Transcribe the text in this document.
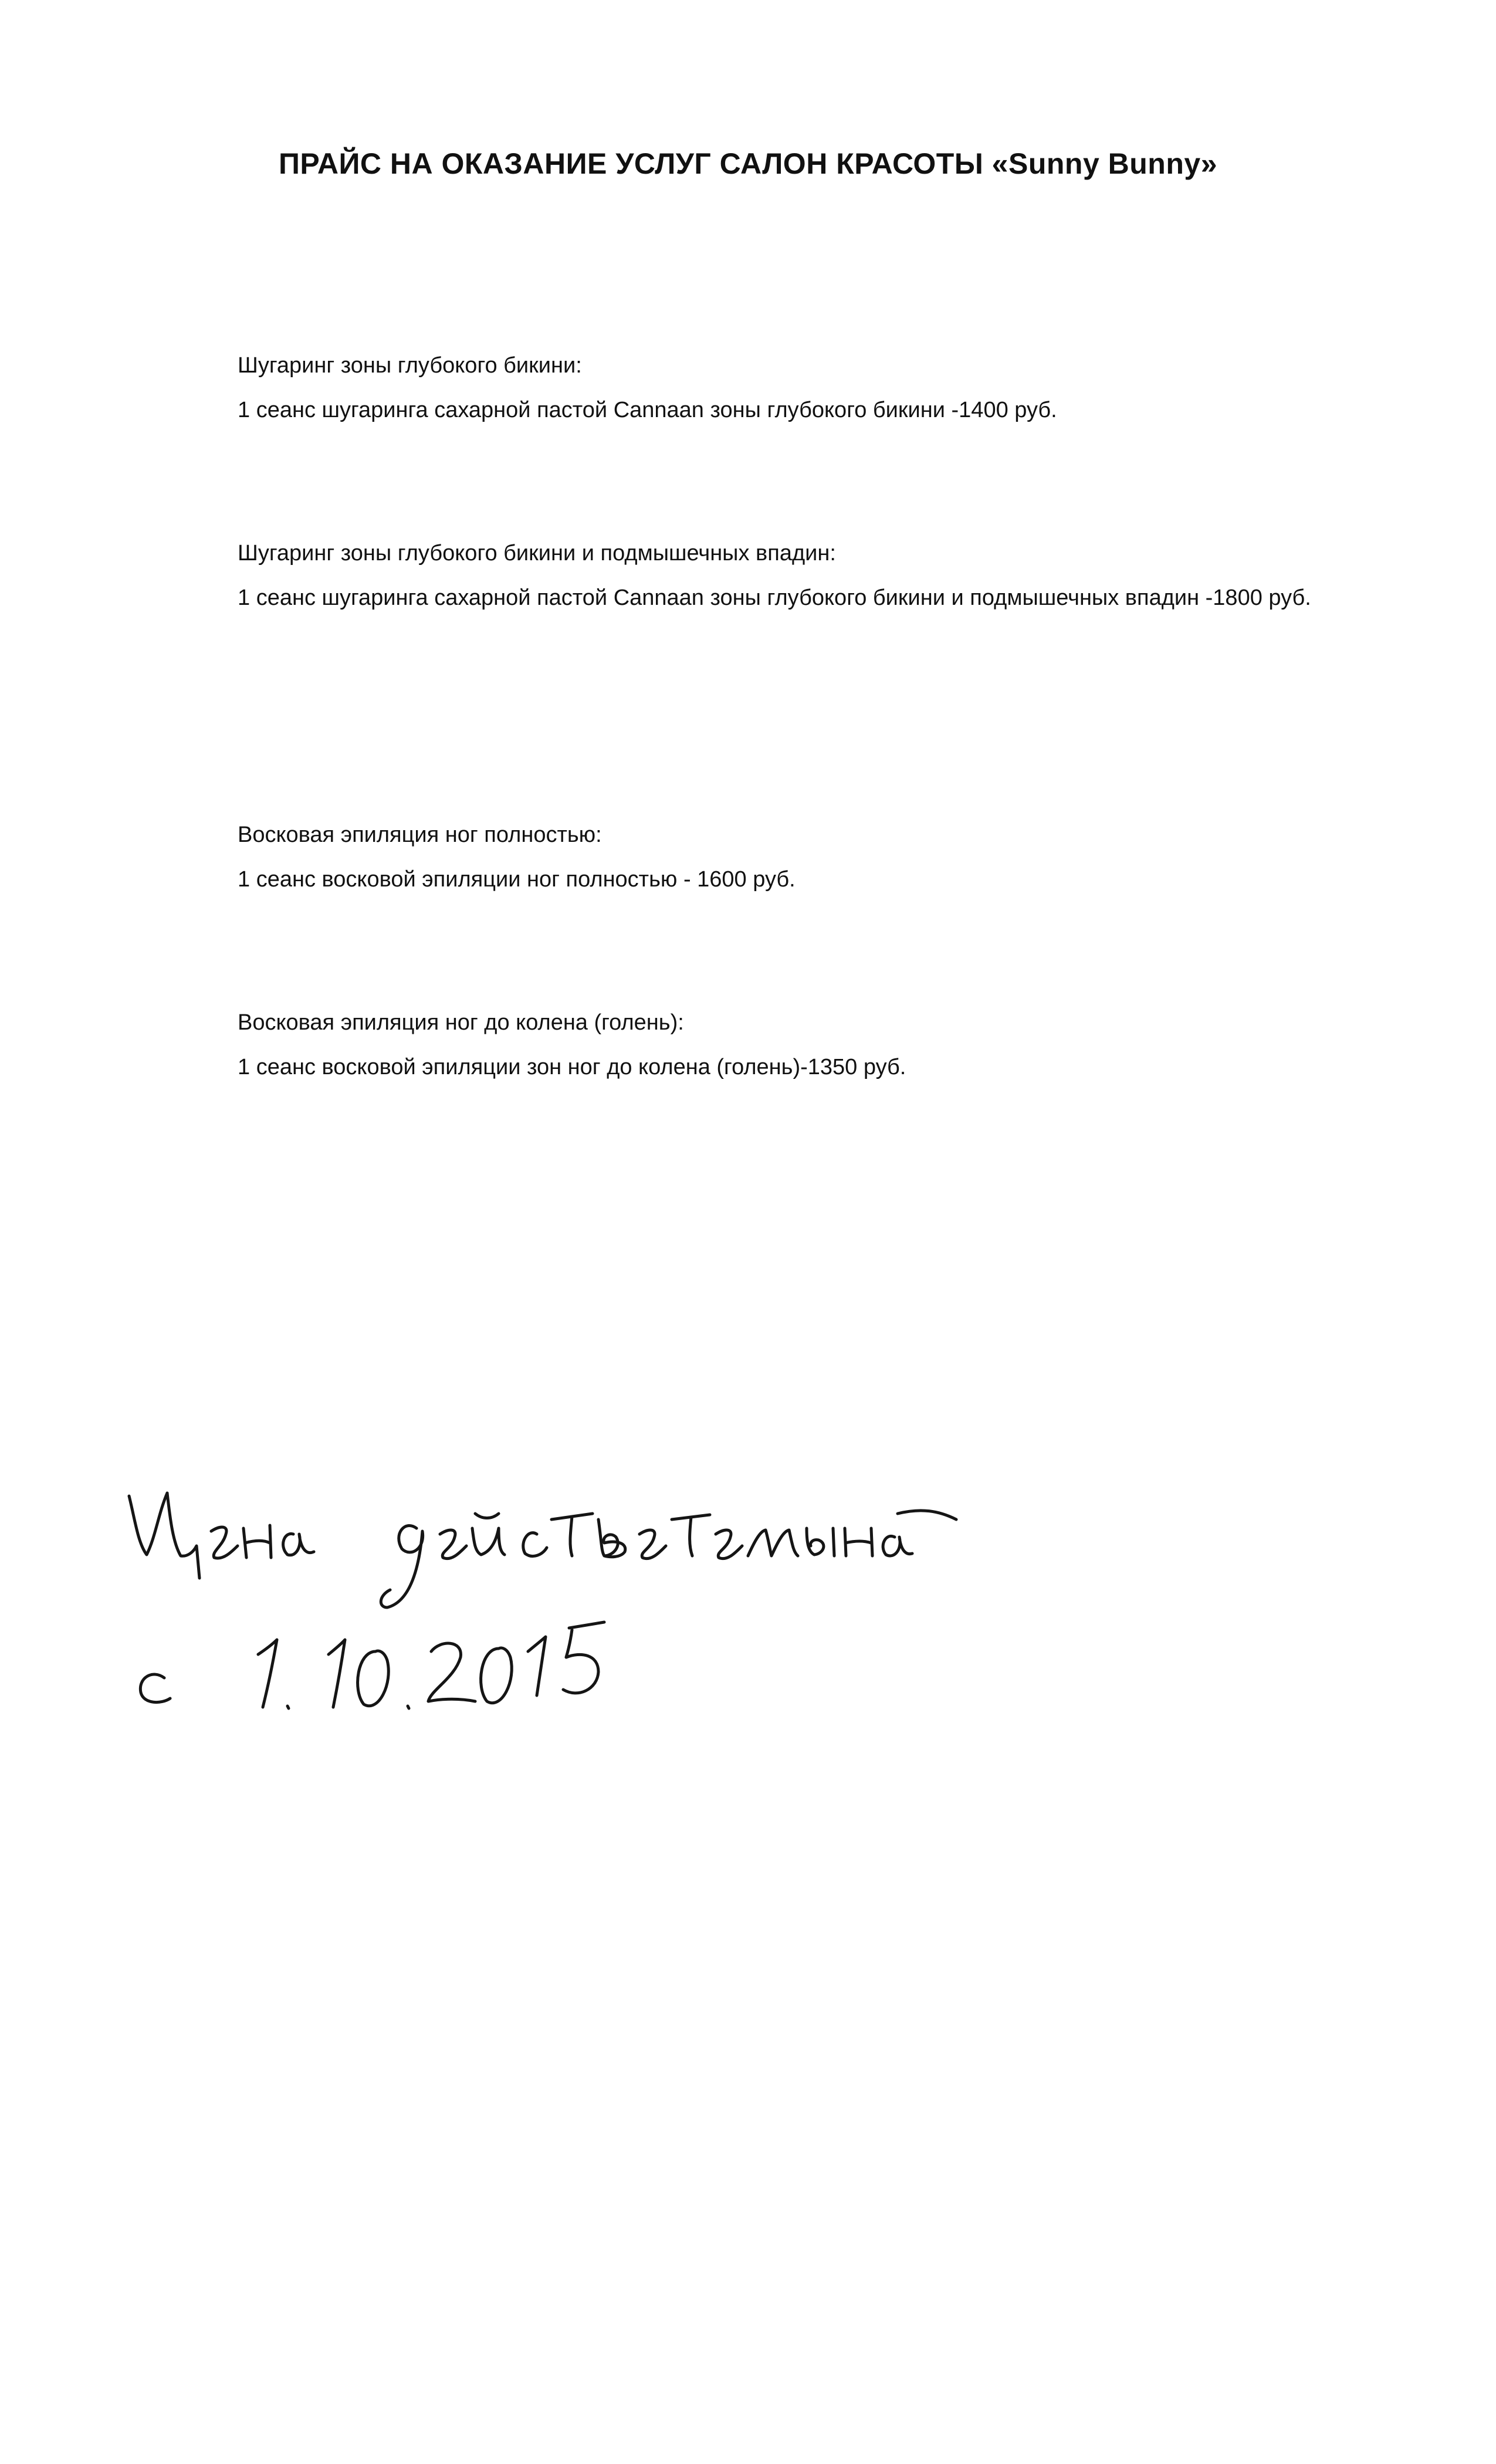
ПРАЙС НА ОКАЗАНИЕ УСЛУГ САЛОН КРАСОТЫ «Sunny Bunny»

Шугаринг зоны глубокого бикини:

1 сеанс шугаринга сахарной пастой Cannaan зоны глубокого бикини -1400 руб.

Шугаринг зоны глубокого бикини и подмышечных впадин:

1 сеанс шугаринга сахарной пастой Cannaan зоны глубокого бикини и подмышечных впадин -1800 руб.

Восковая эпиляция ног полностью:

1 сеанс восковой эпиляции ног полностью - 1600 руб.

Восковая эпиляция ног до колена (голень):

1 сеанс восковой эпиляции зон ног до колена (голень)-1350 руб.
